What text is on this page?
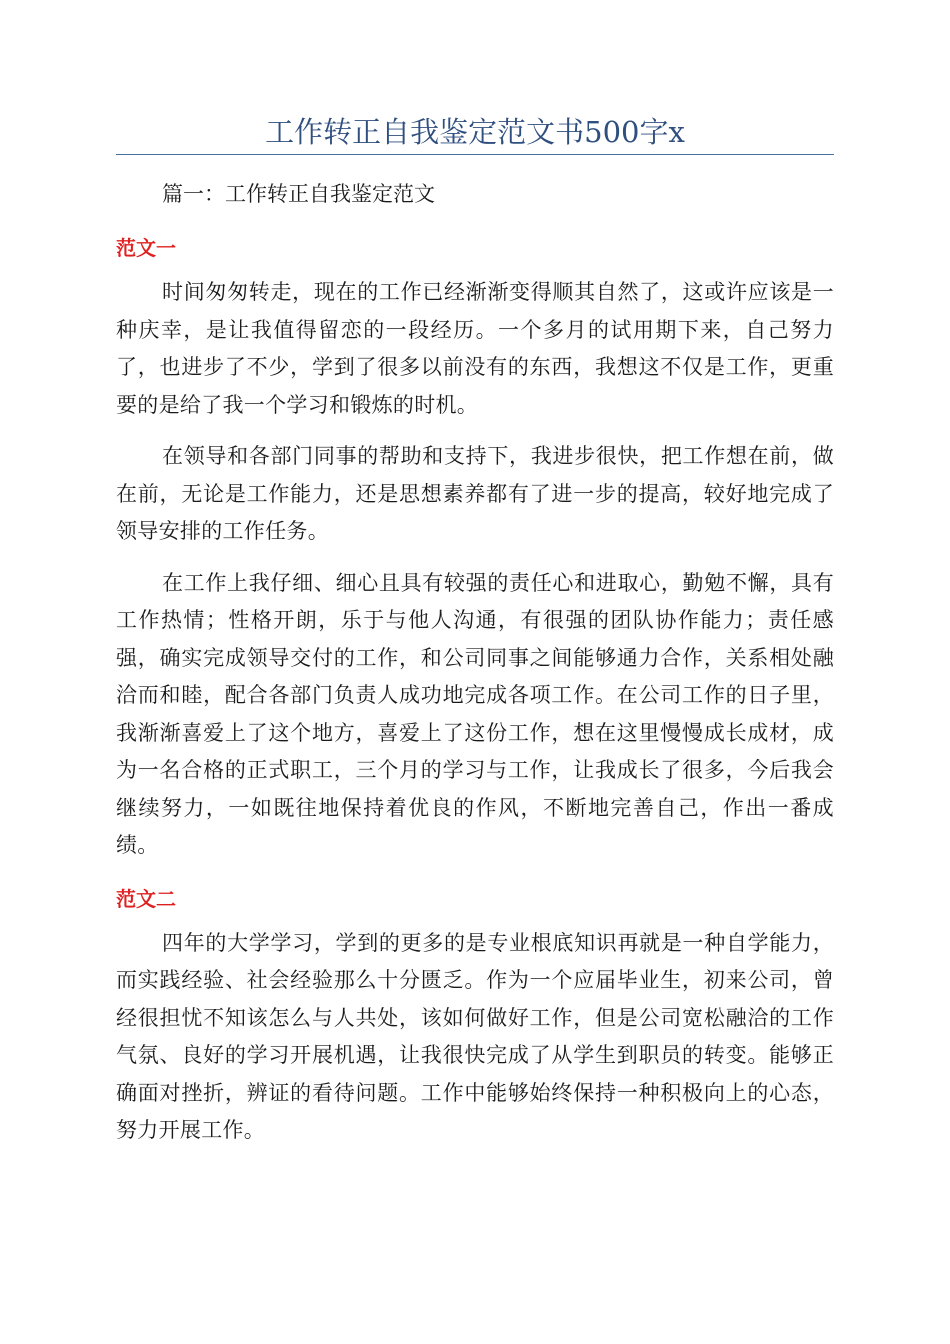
工作转正自我鉴定范文书500字x

篇一：工作转正自我鉴定范文

范文一

时间匆匆转走，现在的工作已经渐渐变得顺其自然了，这或许应该是一种庆幸，是让我值得留恋的一段经历。一个多月的试用期下来，自己努力了，也进步了不少，学到了很多以前没有的东西，我想这不仅是工作，更重要的是给了我一个学习和锻炼的时机。

在领导和各部门同事的帮助和支持下，我进步很快，把工作想在前，做在前，无论是工作能力，还是思想素养都有了进一步的提高，较好地完成了领导安排的工作任务。

在工作上我仔细、细心且具有较强的责任心和进取心，勤勉不懈，具有工作热情；性格开朗，乐于与他人沟通，有很强的团队协作能力；责任感强，确实完成领导交付的工作，和公司同事之间能够通力合作，关系相处融洽而和睦，配合各部门负责人成功地完成各项工作。在公司工作的日子里，我渐渐喜爱上了这个地方，喜爱上了这份工作，想在这里慢慢成长成材，成为一名合格的正式职工，三个月的学习与工作，让我成长了很多，今后我会继续努力，一如既往地保持着优良的作风，不断地完善自己，作出一番成绩。

范文二

四年的大学学习，学到的更多的是专业根底知识再就是一种自学能力，而实践经验、社会经验那么十分匮乏。作为一个应届毕业生，初来公司，曾经很担忧不知该怎么与人共处，该如何做好工作，但是公司宽松融洽的工作气氛、良好的学习开展机遇，让我很快完成了从学生到职员的转变。能够正确面对挫折，辨证的看待问题。工作中能够始终保持一种积极向上的心态，努力开展工作。
